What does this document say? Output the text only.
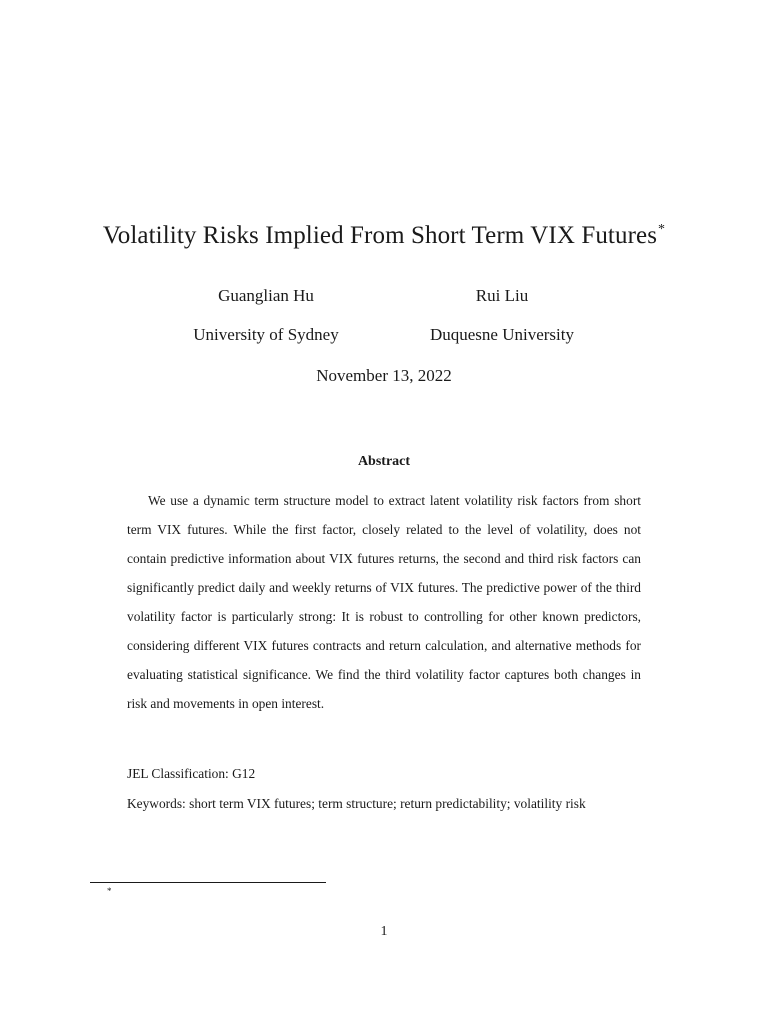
Volatility Risks Implied From Short Term VIX Futures*
Guanglian Hu
University of Sydney
Rui Liu
Duquesne University
November 13, 2022
Abstract

We use a dynamic term structure model to extract latent volatility risk factors from short term VIX futures. While the first factor, closely related to the level of volatility, does not contain predictive information about VIX futures returns, the second and third risk factors can significantly predict daily and weekly returns of VIX futures. The predictive power of the third volatility factor is particularly strong: It is robust to controlling for other known predictors, considering different VIX futures contracts and return calculation, and alternative methods for evaluating statistical significance. We find the third volatility factor captures both changes in risk and movements in open interest.

JEL Classification: G12
Keywords: short term VIX futures; term structure; return predictability; volatility risk
*
1
